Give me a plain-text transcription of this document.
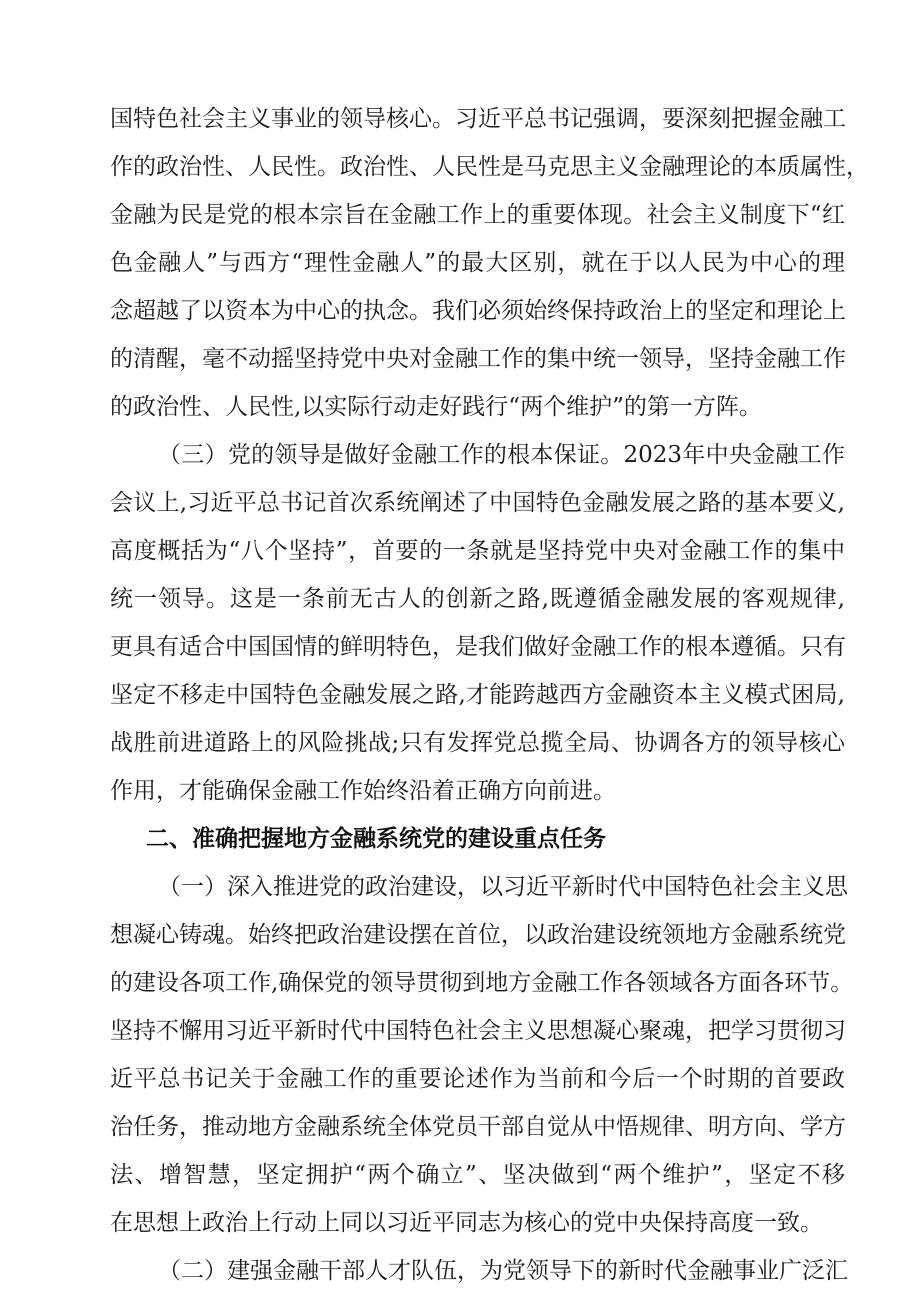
国特色社会主义事业的领导核心。习近平总书记强调，要深刻把握金融工
作的政治性、人民性。政治性、人民性是马克思主义金融理论的本质属性，
金融为民是党的根本宗旨在金融工作上的重要体现。社会主义制度下“红
色金融人”与西方“理性金融人”的最大区别，就在于以人民为中心的理
念超越了以资本为中心的执念。我们必须始终保持政治上的坚定和理论上
的清醒，毫不动摇坚持党中央对金融工作的集中统一领导，坚持金融工作
的政治性、人民性,以实际行动走好践行“两个维护”的第一方阵。
（三）党的领导是做好金融工作的根本保证。2023年中央金融工作
会议上,习近平总书记首次系统阐述了中国特色金融发展之路的基本要义,
高度概括为“八个坚持”，首要的一条就是坚持党中央对金融工作的集中
统一领导。这是一条前无古人的创新之路,既遵循金融发展的客观规律,
更具有适合中国国情的鲜明特色，是我们做好金融工作的根本遵循。只有
坚定不移走中国特色金融发展之路,才能跨越西方金融资本主义模式困局,
战胜前进道路上的风险挑战;只有发挥党总揽全局、协调各方的领导核心
作用，才能确保金融工作始终沿着正确方向前进。
二、准确把握地方金融系统党的建设重点任务
（一）深入推进党的政治建设，以习近平新时代中国特色社会主义思
想凝心铸魂。始终把政治建设摆在首位，以政治建设统领地方金融系统党
的建设各项工作,确保党的领导贯彻到地方金融工作各领域各方面各环节。
坚持不懈用习近平新时代中国特色社会主义思想凝心聚魂，把学习贯彻习
近平总书记关于金融工作的重要论述作为当前和今后一个时期的首要政
治任务，推动地方金融系统全体党员干部自觉从中悟规律、明方向、学方
法、增智慧，坚定拥护“两个确立”、坚决做到“两个维护”，坚定不移
在思想上政治上行动上同以习近平同志为核心的党中央保持高度一致。
（二）建强金融干部人才队伍，为党领导下的新时代金融事业广泛汇
